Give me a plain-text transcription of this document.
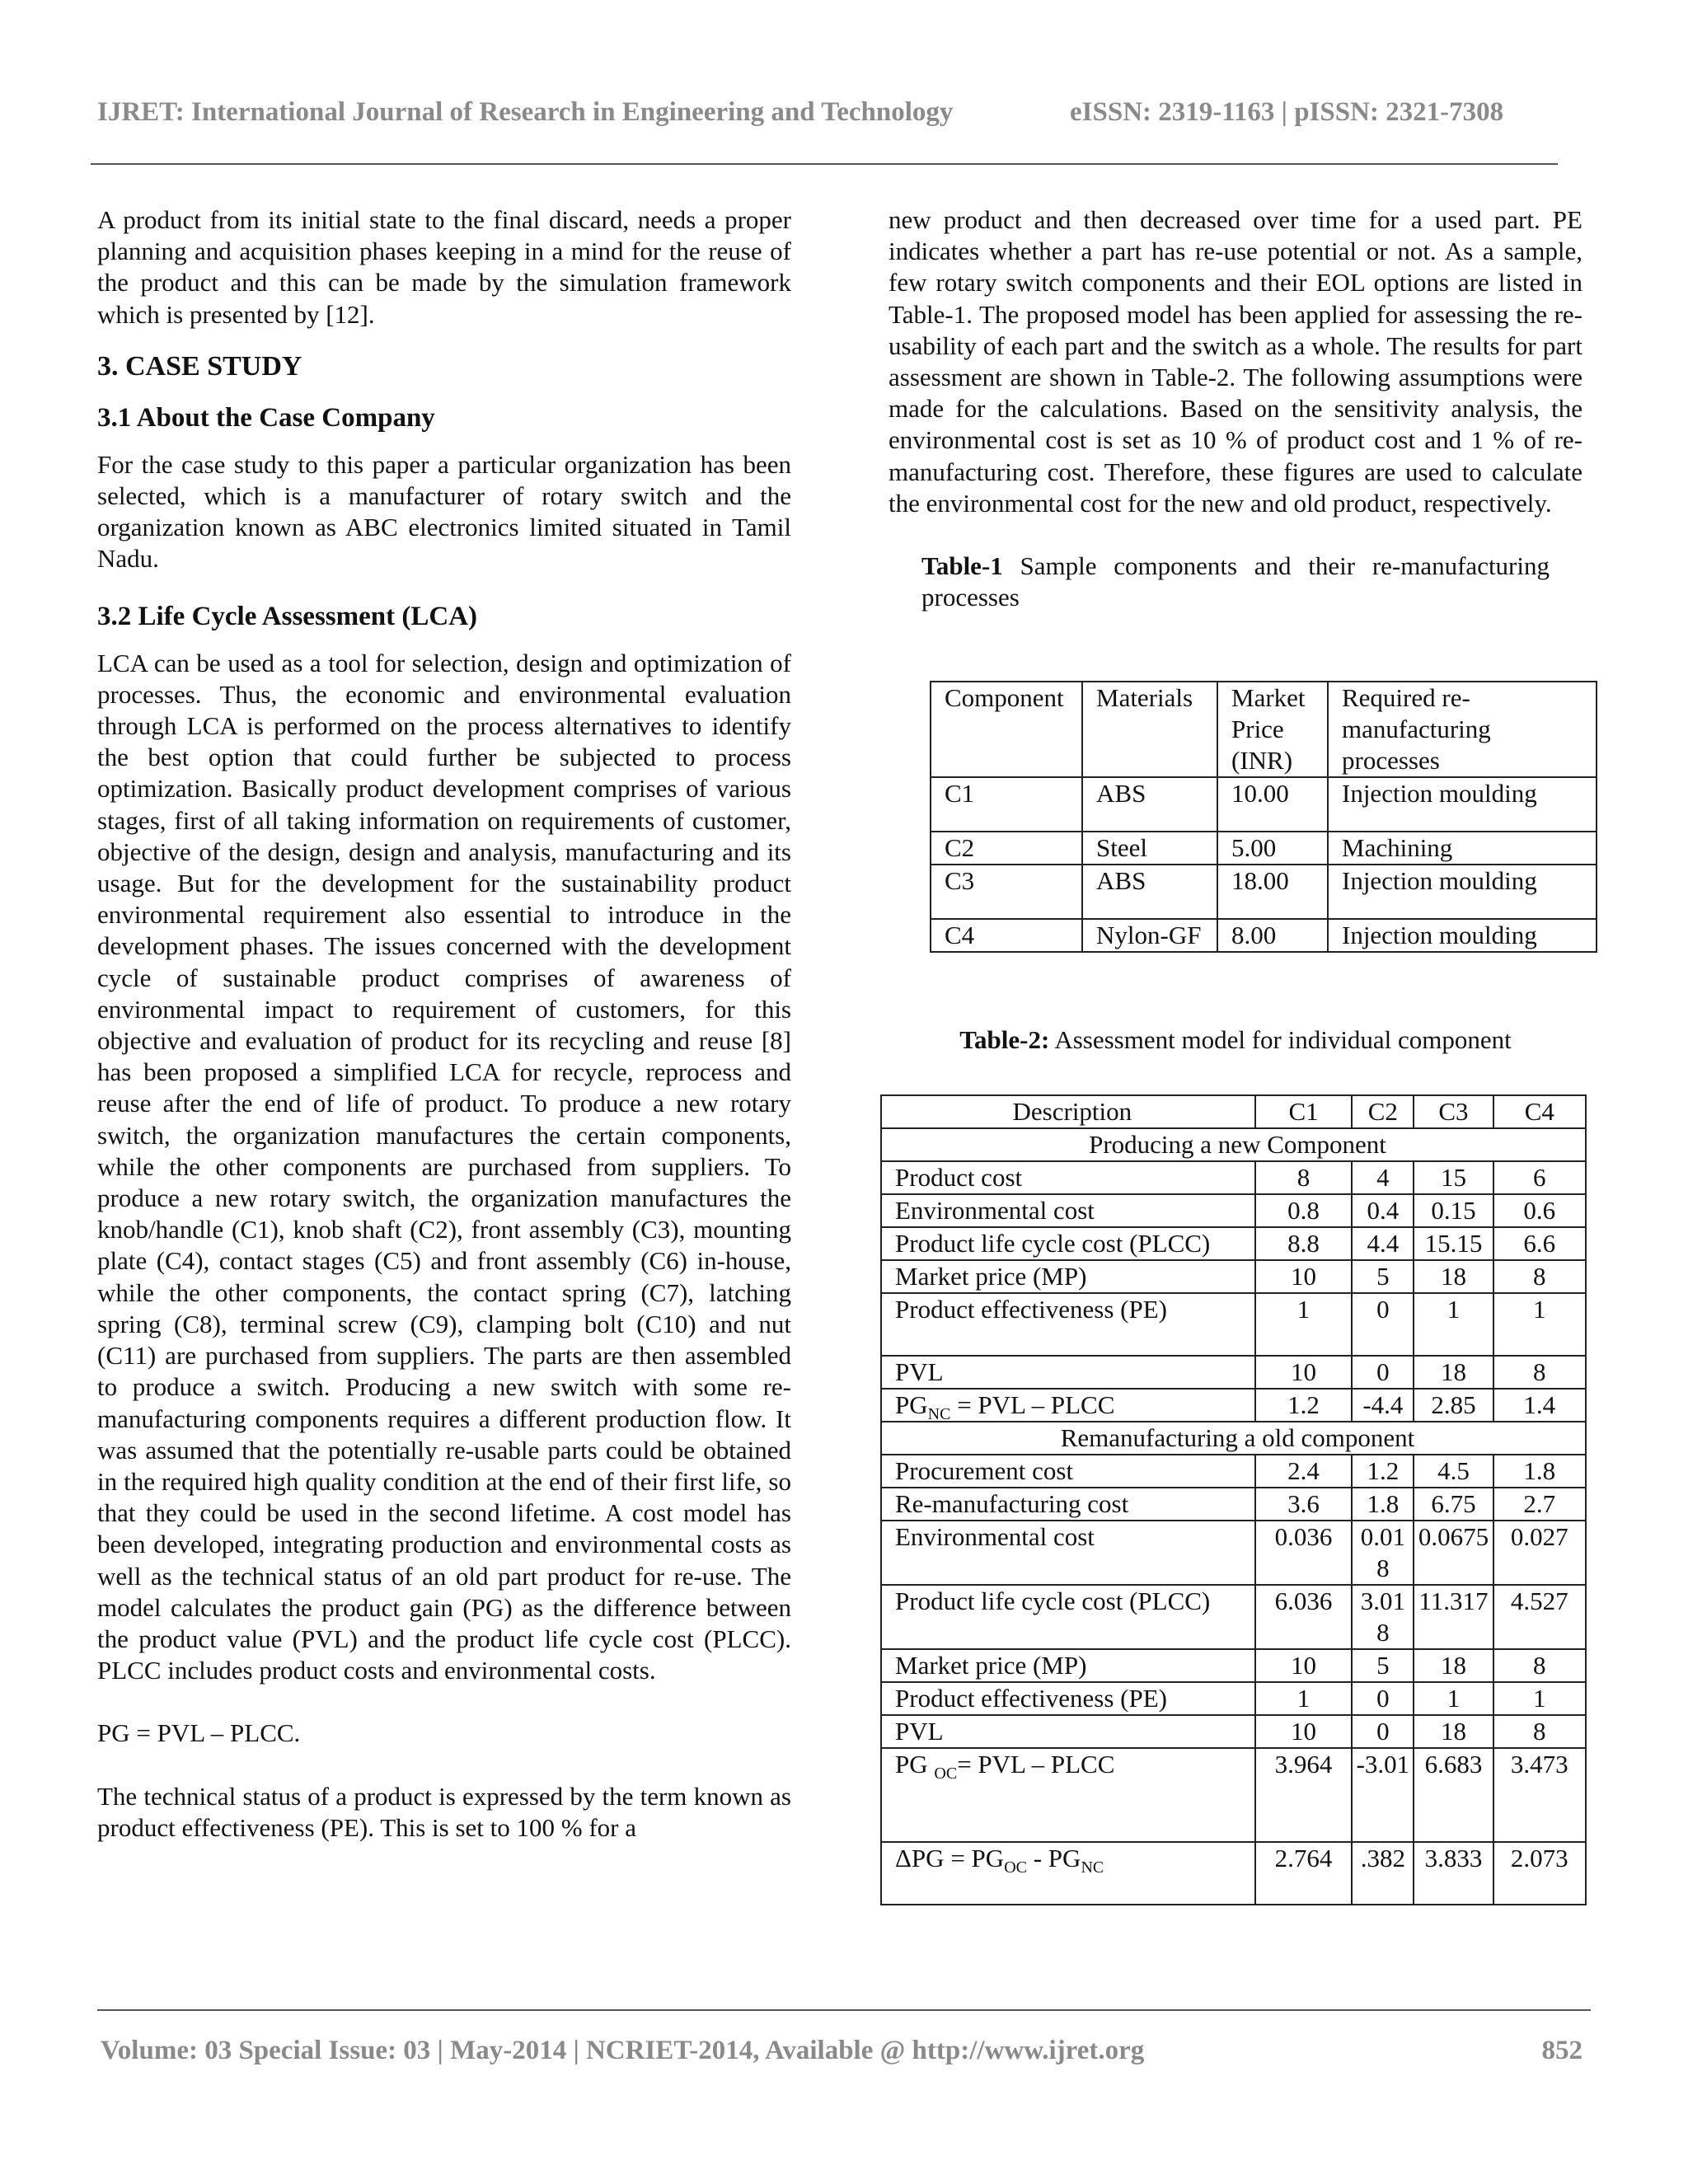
IJRET: International Journal of Research in Engineering and Technology	eISSN: 2319-1163 | pISSN: 2321-7308

A product from its initial state to the final discard, needs a proper planning and acquisition phases keeping in a mind for the reuse of the product and this can be made by the simulation framework which is presented by [12].

3. CASE STUDY
3.1 About the Case Company

For the case study to this paper a particular organization has been selected, which is a manufacturer of rotary switch and the organization known as ABC electronics limited situated in Tamil Nadu.

3.2 Life Cycle Assessment (LCA)

LCA can be used as a tool for selection, design and optimization of processes. Thus, the economic and environmental evaluation through LCA is performed on the process alternatives to identify the best option that could further be subjected to process optimization. Basically product development comprises of various stages, first of all taking information on requirements of customer, objective of the design, design and analysis, manufacturing and its usage. But for the development for the sustainability product environmental requirement also essential to introduce in the development phases. The issues concerned with the development cycle of sustainable product comprises of awareness of environmental impact to requirement of customers, for this objective and evaluation of product for its recycling and reuse [8] has been proposed a simplified LCA for recycle, reprocess and reuse after the end of life of product. To produce a new rotary switch, the organization manufactures the certain components, while the other components are purchased from suppliers. To produce a new rotary switch, the organization manufactures the knob/handle (C1), knob shaft (C2), front assembly (C3), mounting plate (C4), contact stages (C5) and front assembly (C6) in-house, while the other components, the contact spring (C7), latching spring (C8), terminal screw (C9), clamping bolt (C10) and nut (C11) are purchased from suppliers. The parts are then assembled to produce a switch. Producing a new switch with some re-manufacturing components requires a different production flow. It was assumed that the potentially re-usable parts could be obtained in the required high quality condition at the end of their first life, so that they could be used in the second lifetime. A cost model has been developed, integrating production and environmental costs as well as the technical status of an old part product for re-use. The model calculates the product gain (PG) as the difference between the product value (PVL) and the product life cycle cost (PLCC). PLCC includes product costs and environmental costs.

PG = PVL – PLCC.

The technical status of a product is expressed by the term known as product effectiveness (PE). This is set to 100 % for a

new product and then decreased over time for a used part. PE indicates whether a part has re-use potential or not. As a sample, few rotary switch components and their EOL options are listed in Table-1. The proposed model has been applied for assessing the re-usability of each part and the switch as a whole. The results for part assessment are shown in Table-2. The following assumptions were made for the calculations. Based on the sensitivity analysis, the environmental cost is set as 10 % of product cost and 1 % of re-manufacturing cost. Therefore, these figures are used to calculate the environmental cost for the new and old product, respectively.

Table-1 Sample components and their re-manufacturing processes

Component	Materials	Market Price (INR)	Required re-manufacturing processes
C1	ABS	10.00	Injection moulding
C2	Steel	5.00	Machining
C3	ABS	18.00	Injection moulding
C4	Nylon-GF	8.00	Injection moulding

Table-2: Assessment model for individual component

Description	C1	C2	C3	C4
Producing a new Component				
Product cost	8	4	15	6
Environmental cost	0.8	0.4	0.15	0.6
Product life cycle cost (PLCC)	8.8	4.4	15.15	6.6
Market price (MP)	10	5	18	8
Product effectiveness (PE)	1	0	1	1
PVL	10	0	18	8
$PG_{NC}$ = PVL – PLCC	1.2	-4.4	2.85	1.4
Remanufacturing a old component				
Procurement cost	2.4	1.2	4.5	1.8
Re-manufacturing cost	3.6	1.8	6.75	2.7
Environmental cost	0.036	0.018	0.0675	0.027
Product life cycle cost (PLCC)	6.036	3.018	11.317	4.527
Market price (MP)	10	5	18	8
Product effectiveness (PE)	1	0	1	1
PVL	10	0	18	8
PG $_{OC}$= PVL – PLCC	3.964	-3.01	6.683	3.473
$\Delta PG = PG_{OC} - PG_{NC}$	2.764	.382	3.833	2.073
Volume: 03 Special Issue: 03 | May-2014 | NCRIET-2014, Available @ http://www.ijret.org	852
